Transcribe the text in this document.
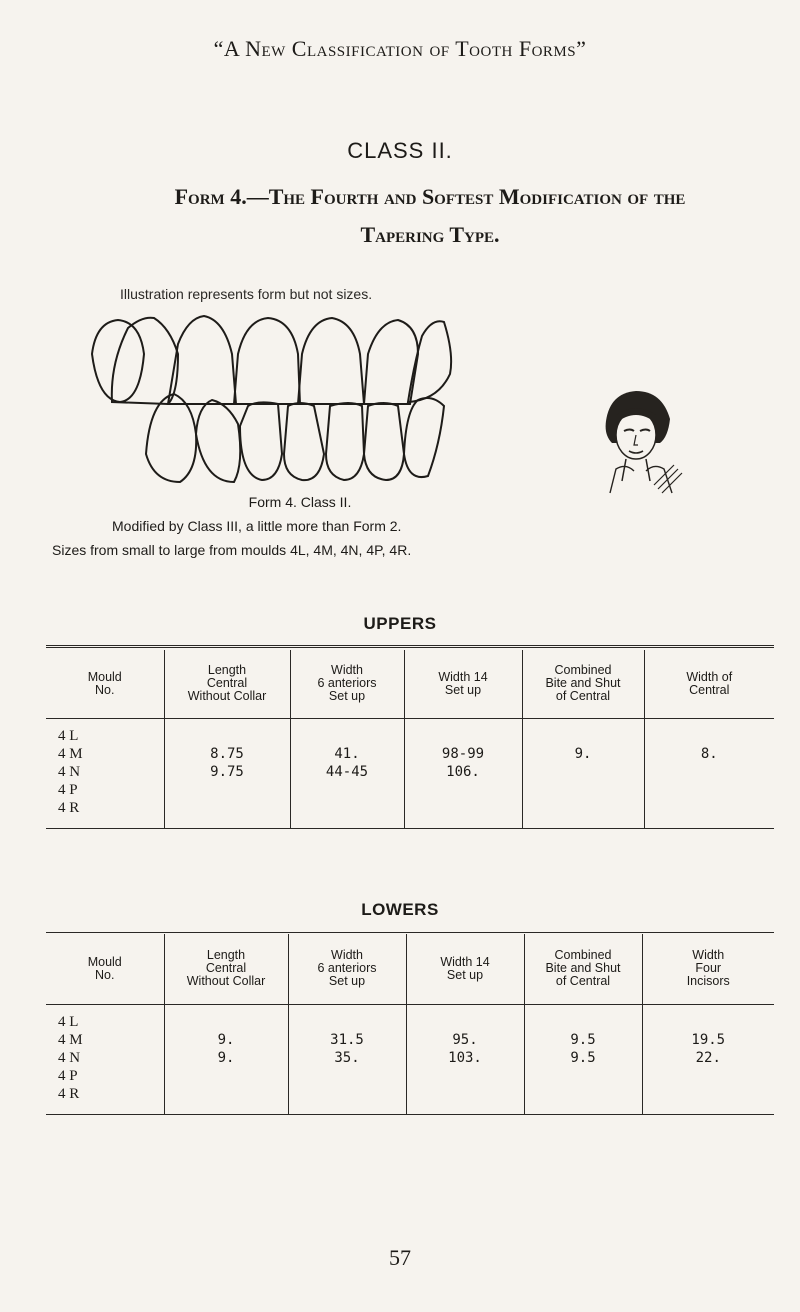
“A New Classification of Tooth Forms”
CLASS II.
Form 4.—The Fourth and Softest Modification of the
Tapering Type.
Illustration represents form but not sizes.
Form 4. Class II.
Modified by Class III, a little more than Form 2.
Sizes from small to large from moulds 4L, 4M, 4N, 4P, 4R.
UPPERS
Mould
No.	Length
Central
Without Collar	Width
6 anteriors
Set up	Width 14
Set up	Combined
Bite and Shut
of Central	Width of
Central

4 L
4 M
4 N
4 P
4 R	8.75
9.75	41.
44-45	98-99
106.	9.	8.
LOWERS
Mould
No.	Length
Central
Without Collar	Width
6 anteriors
Set up	Width 14
Set up	Combined
Bite and Shut
of Central	Width
Four
Incisors

4 L
4 M
4 N
4 P
4 R	9.
9.	31.5
35.	95.
103.	9.5
9.5	19.5
22.
57
